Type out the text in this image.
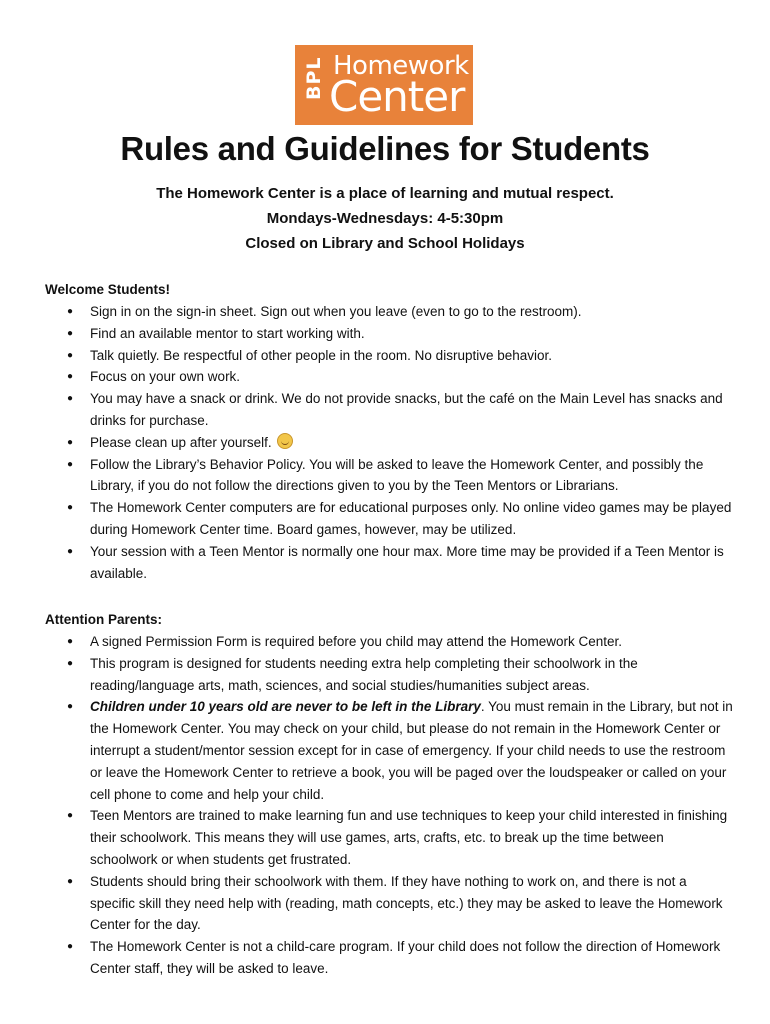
BPL Homework
Center
Rules and Guidelines for Students

The Homework Center is a place of learning and mutual respect.

Mondays-Wednesdays: 4-5:30pm

Closed on Library and School Holidays

Welcome Students!

● Sign in on the sign-in sheet. Sign out when you leave (even to go to the restroom).
● Find an available mentor to start working with.
● Talk quietly. Be respectful of other people in the room. No disruptive behavior.
● Focus on your own work.
● You may have a snack or drink. We do not provide snacks, but the café on the Main Level has snacks and drinks for purchase.
● Please clean up after yourself.
● Follow the Library’s Behavior Policy. You will be asked to leave the Homework Center, and possibly the Library, if you do not follow the directions given to you by the Teen Mentors or Librarians.
● The Homework Center computers are for educational purposes only. No online video games may be played during Homework Center time. Board games, however, may be utilized.
● Your session with a Teen Mentor is normally one hour max. More time may be provided if a Teen Mentor is available.

Attention Parents:

● A signed Permission Form is required before you child may attend the Homework Center.
● This program is designed for students needing extra help completing their schoolwork in the reading/language arts, math, sciences, and social studies/humanities subject areas.
● Children under 10 years old are never to be left in the Library. You must remain in the Library, but not in the Homework Center. You may check on your child, but please do not remain in the Homework Center or interrupt a student/mentor session except for in case of emergency. If your child needs to use the restroom or leave the Homework Center to retrieve a book, you will be paged over the loudspeaker or called on your cell phone to come and help your child.
● Teen Mentors are trained to make learning fun and use techniques to keep your child interested in finishing their schoolwork. This means they will use games, arts, crafts, etc. to break up the time between schoolwork or when students get frustrated.
● Students should bring their schoolwork with them. If they have nothing to work on, and there is not a specific skill they need help with (reading, math concepts, etc.) they may be asked to leave the Homework Center for the day.
● The Homework Center is not a child-care program. If your child does not follow the direction of Homework Center staff, they will be asked to leave.
